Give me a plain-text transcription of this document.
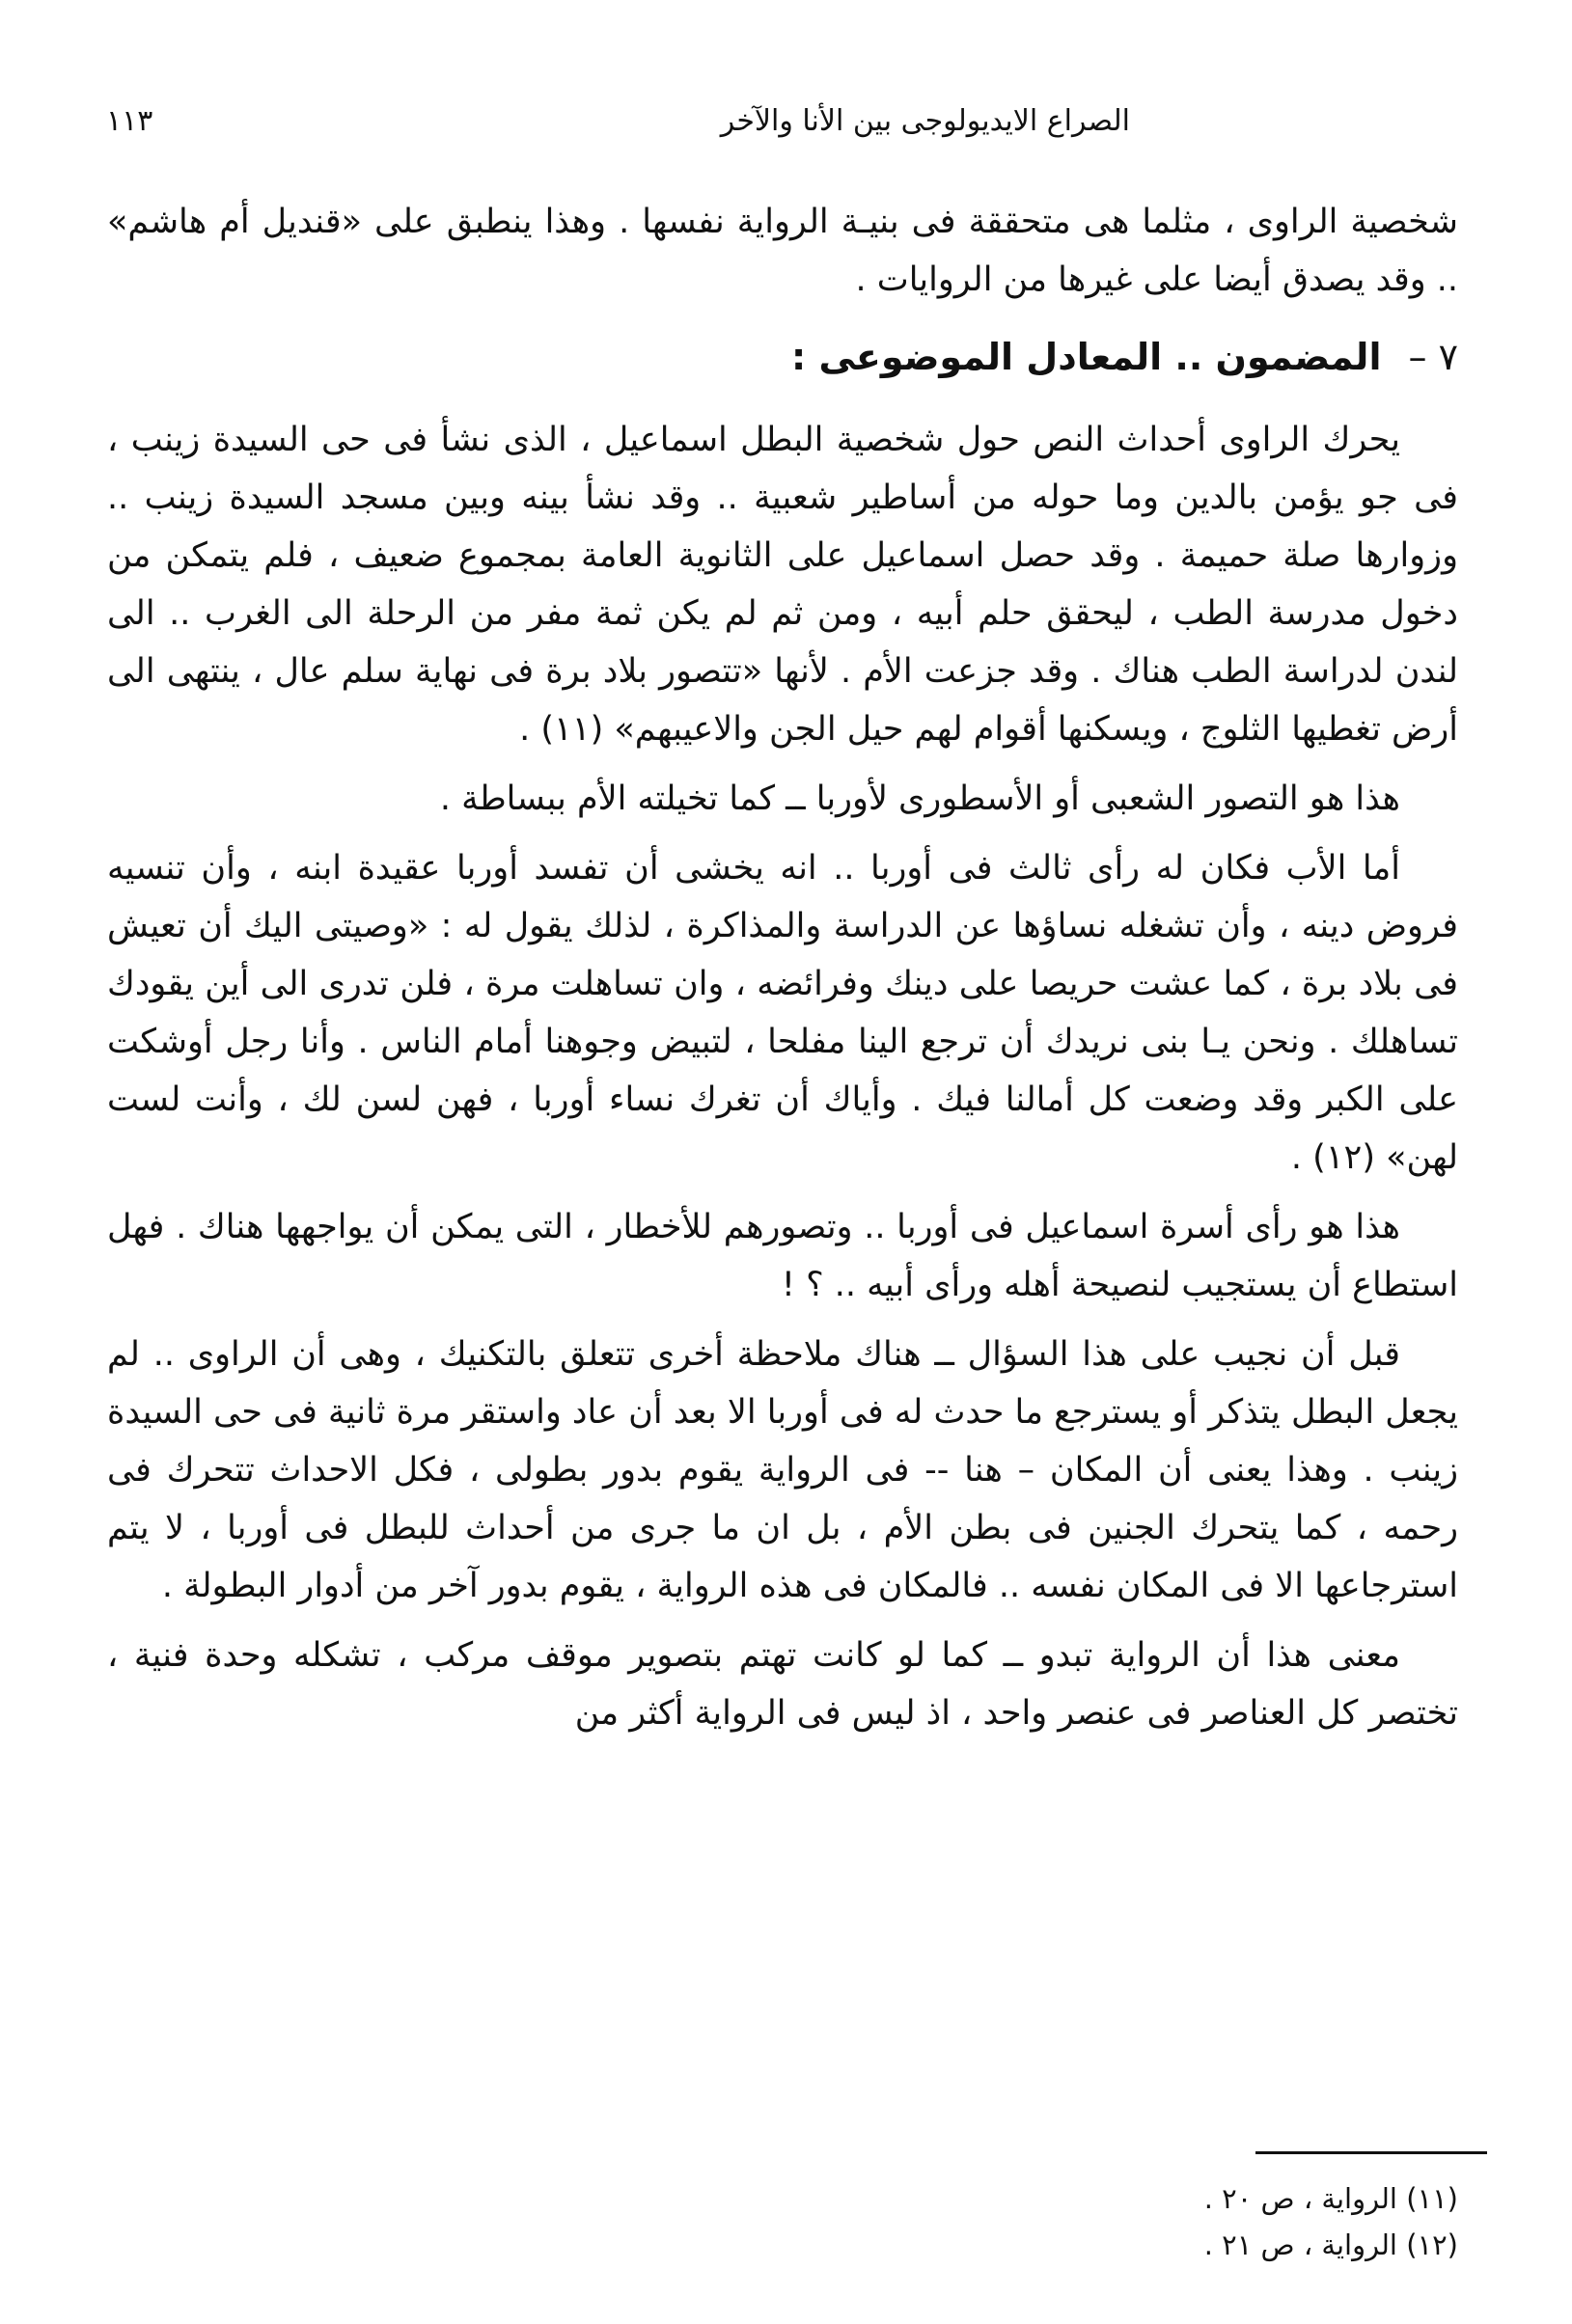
الصراع الايديولوجى بين الأنا والآخر
١١٣

شخصية الراوى ، مثلما هى متحققة فى بنيـة الرواية نفسها . وهذا ينطبق على «قنديل أم هاشم» .. وقد يصدق أيضا على غيرها من الروايات .

٧ –المضمون .. المعادل الموضوعى :

يحرك الراوى أحداث النص حول شخصية البطل اسماعيل ، الذى نشأ فى حى السيدة زينب ، فى جو يؤمن بالدين وما حوله من أساطير شعبية .. وقد نشأ بينه وبين مسجد السيدة زينب .. وزوارها صلة حميمة . وقد حصل اسماعيل على الثانوية العامة بمجموع ضعيف ، فلم يتمكن من دخول مدرسة الطب ، ليحقق حلم أبيه ، ومن ثم لم يكن ثمة مفر من الرحلة الى الغرب .. الى لندن لدراسة الطب هناك . وقد جزعت الأم . لأنها «تتصور بلاد برة فى نهاية سلم عال ، ينتهى الى أرض تغطيها الثلوج ، ويسكنها أقوام لهم حيل الجن والاعيبهم» (١١) .

هذا هو التصور الشعبى أو الأسطورى لأوربا ــ كما تخيلته الأم ببساطة .

أما الأب فكان له رأى ثالث فى أوربا .. انه يخشى أن تفسد أوربا عقيدة ابنه ، وأن تنسيه فروض دينه ، وأن تشغله نساؤها عن الدراسة والمذاكرة ، لذلك يقول له : «وصيتى اليك أن تعيش فى بلاد برة ، كما عشت حريصا على دينك وفرائضه ، وان تساهلت مرة ، فلن تدرى الى أين يقودك تساهلك . ونحن يـا بنى نريدك أن ترجع الينا مفلحا ، لتبيض وجوهنا أمام الناس . وأنا رجل أوشكت على الكبر وقد وضعت كل أمالنا فيك . وأياك أن تغرك نساء أوربا ، فهن لسن لك ، وأنت لست لهن» (١٢) .

هذا هو رأى أسرة اسماعيل فى أوربا .. وتصورهم للأخطار ، التى يمكن أن يواجهها هناك . فهل استطاع أن يستجيب لنصيحة أهله ورأى أبيه .. ؟ !

قبل أن نجيب على هذا السؤال ــ هناك ملاحظة أخرى تتعلق بالتكنيك ، وهى أن الراوى .. لم يجعل البطل يتذكر أو يسترجع ما حدث له فى أوربا الا بعد أن عاد واستقر مرة ثانية فى حى السيدة زينب . وهذا يعنى أن المكان – هنا -- فى الرواية يقوم بدور بطولى ، فكل الاحداث تتحرك فى رحمه ، كما يتحرك الجنين فى بطن الأم ، بل ان ما جرى من أحداث للبطل فى أوربا ، لا يتم استرجاعها الا فى المكان نفسه .. فالمكان فى هذه الرواية ، يقوم بدور آخر من أدوار البطولة .

معنى هذا أن الرواية تبدو ــ كما لو كانت تهتم بتصوير موقف مركب ، تشكله وحدة فنية ، تختصر كل العناصر فى عنصر واحد ، اذ ليس فى الرواية أكثر من

(١١) الرواية ، ص ٢٠ .

(١٢) الرواية ، ص ٢١ .
